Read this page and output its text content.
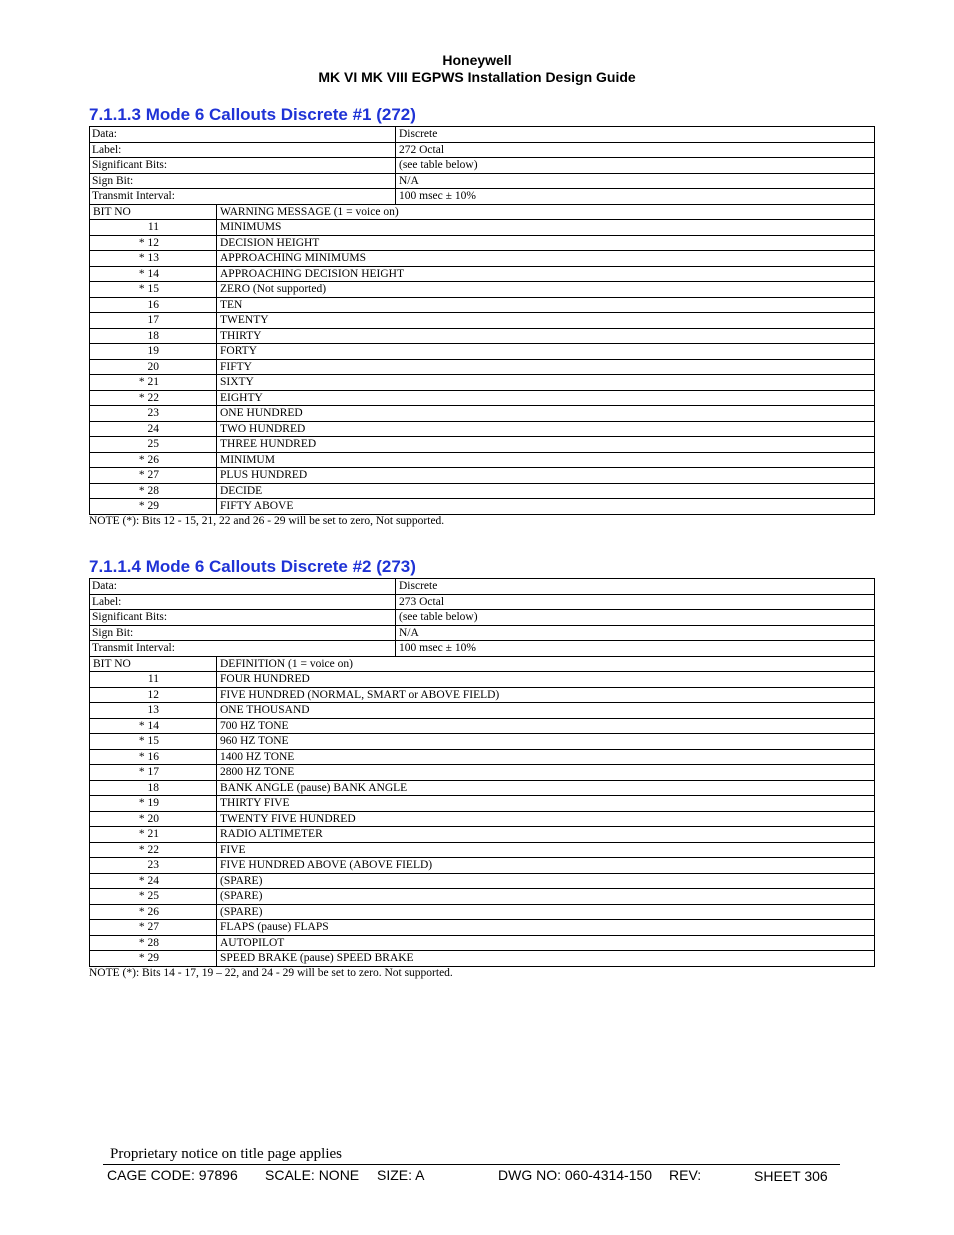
Honeywell
MK VI MK VIII EGPWS Installation Design Guide
7.1.1.3 Mode 6 Callouts Discrete #1 (272)
Data:	Discrete
Label:	272 Octal
Significant Bits:	(see table below)
Sign Bit:	N/A
Transmit Interval:	100 msec ± 10%
BIT NO	WARNING MESSAGE (1 = voice on)
11	MINIMUMS
* 12	DECISION HEIGHT
* 13	APPROACHING MINIMUMS
* 14	APPROACHING DECISION HEIGHT
* 15	ZERO (Not supported)
16	TEN
17	TWENTY
18	THIRTY
19	FORTY
20	FIFTY
* 21	SIXTY
* 22	EIGHTY
23	ONE HUNDRED
24	TWO HUNDRED
25	THREE HUNDRED
* 26	MINIMUM
* 27	PLUS HUNDRED
* 28	DECIDE
* 29	FIFTY ABOVE
NOTE (*): Bits 12 - 15, 21, 22 and 26 - 29 will be set to zero, Not supported.
7.1.1.4 Mode 6 Callouts Discrete #2 (273)
Data:	Discrete
Label:	273 Octal
Significant Bits:	(see table below)
Sign Bit:	N/A
Transmit Interval:	100 msec ± 10%
BIT NO	DEFINITION (1 = voice on)
11	FOUR HUNDRED
12	FIVE HUNDRED (NORMAL, SMART or ABOVE FIELD)
13	ONE THOUSAND
* 14	700 HZ TONE
* 15	960 HZ TONE
* 16	1400 HZ TONE
* 17	2800 HZ TONE
18	BANK ANGLE (pause) BANK ANGLE
* 19	THIRTY FIVE
* 20	TWENTY FIVE HUNDRED
* 21	RADIO ALTIMETER
* 22	FIVE
23	FIVE HUNDRED ABOVE (ABOVE FIELD)
* 24	(SPARE)
* 25	(SPARE)
* 26	(SPARE)
* 27	FLAPS (pause) FLAPS
* 28	AUTOPILOT
* 29	SPEED BRAKE (pause) SPEED BRAKE
NOTE (*): Bits 14 - 17, 19 – 22, and 24 - 29 will be set to zero. Not supported.
Proprietary notice on title page applies
CAGE CODE: 97896 SCALE: NONE SIZE: A	DWG NO: 060-4314-150 REV:	SHEET 306
